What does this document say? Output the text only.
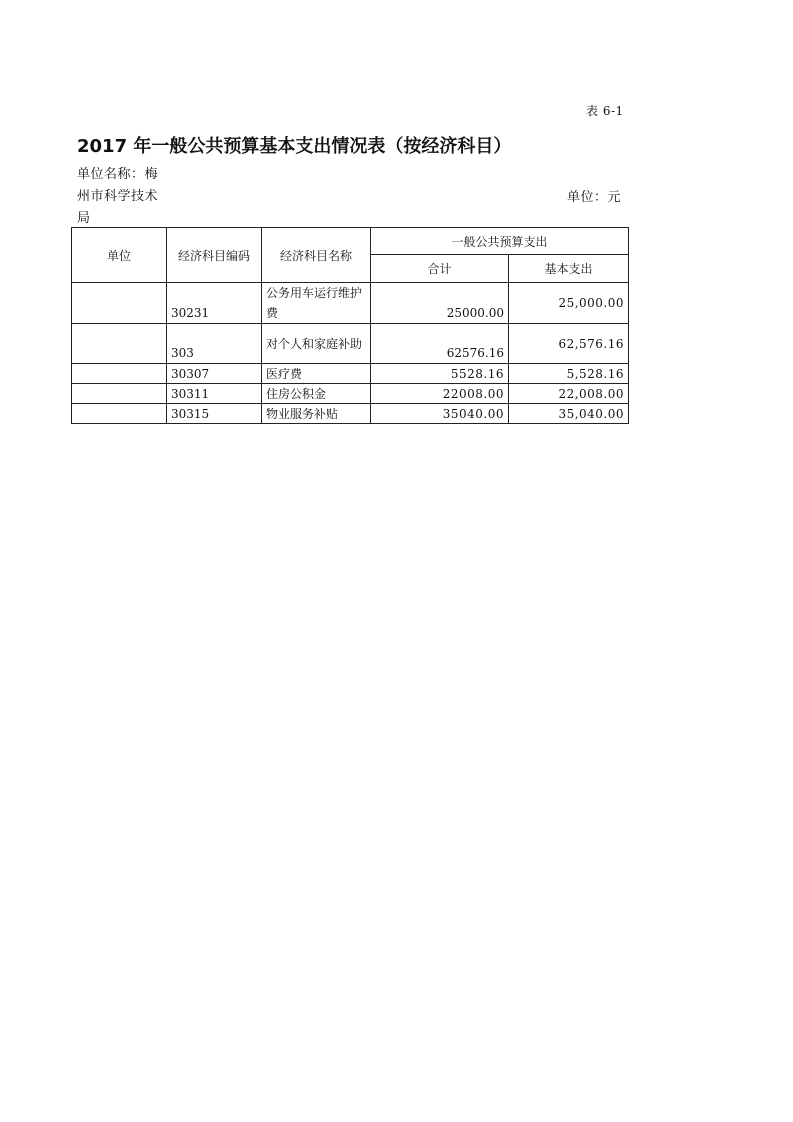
表 6-1
2017 年一般公共预算基本支出情况表（按经济科目）
单位名称：梅
州市科学技术
局
单位：元
单位	经济科目编码	经济科目名称	一般公共预算支出	
			合计	基本支出
	30231	公务用车运行维护费	25000.00	25,000.00
	303	对个人和家庭补助	62576.16	62,576.16
	30307	医疗费	5528.16	5,528.16
	30311	住房公积金	22008.00	22,008.00
	30315	物业服务补贴	35040.00	35,040.00
